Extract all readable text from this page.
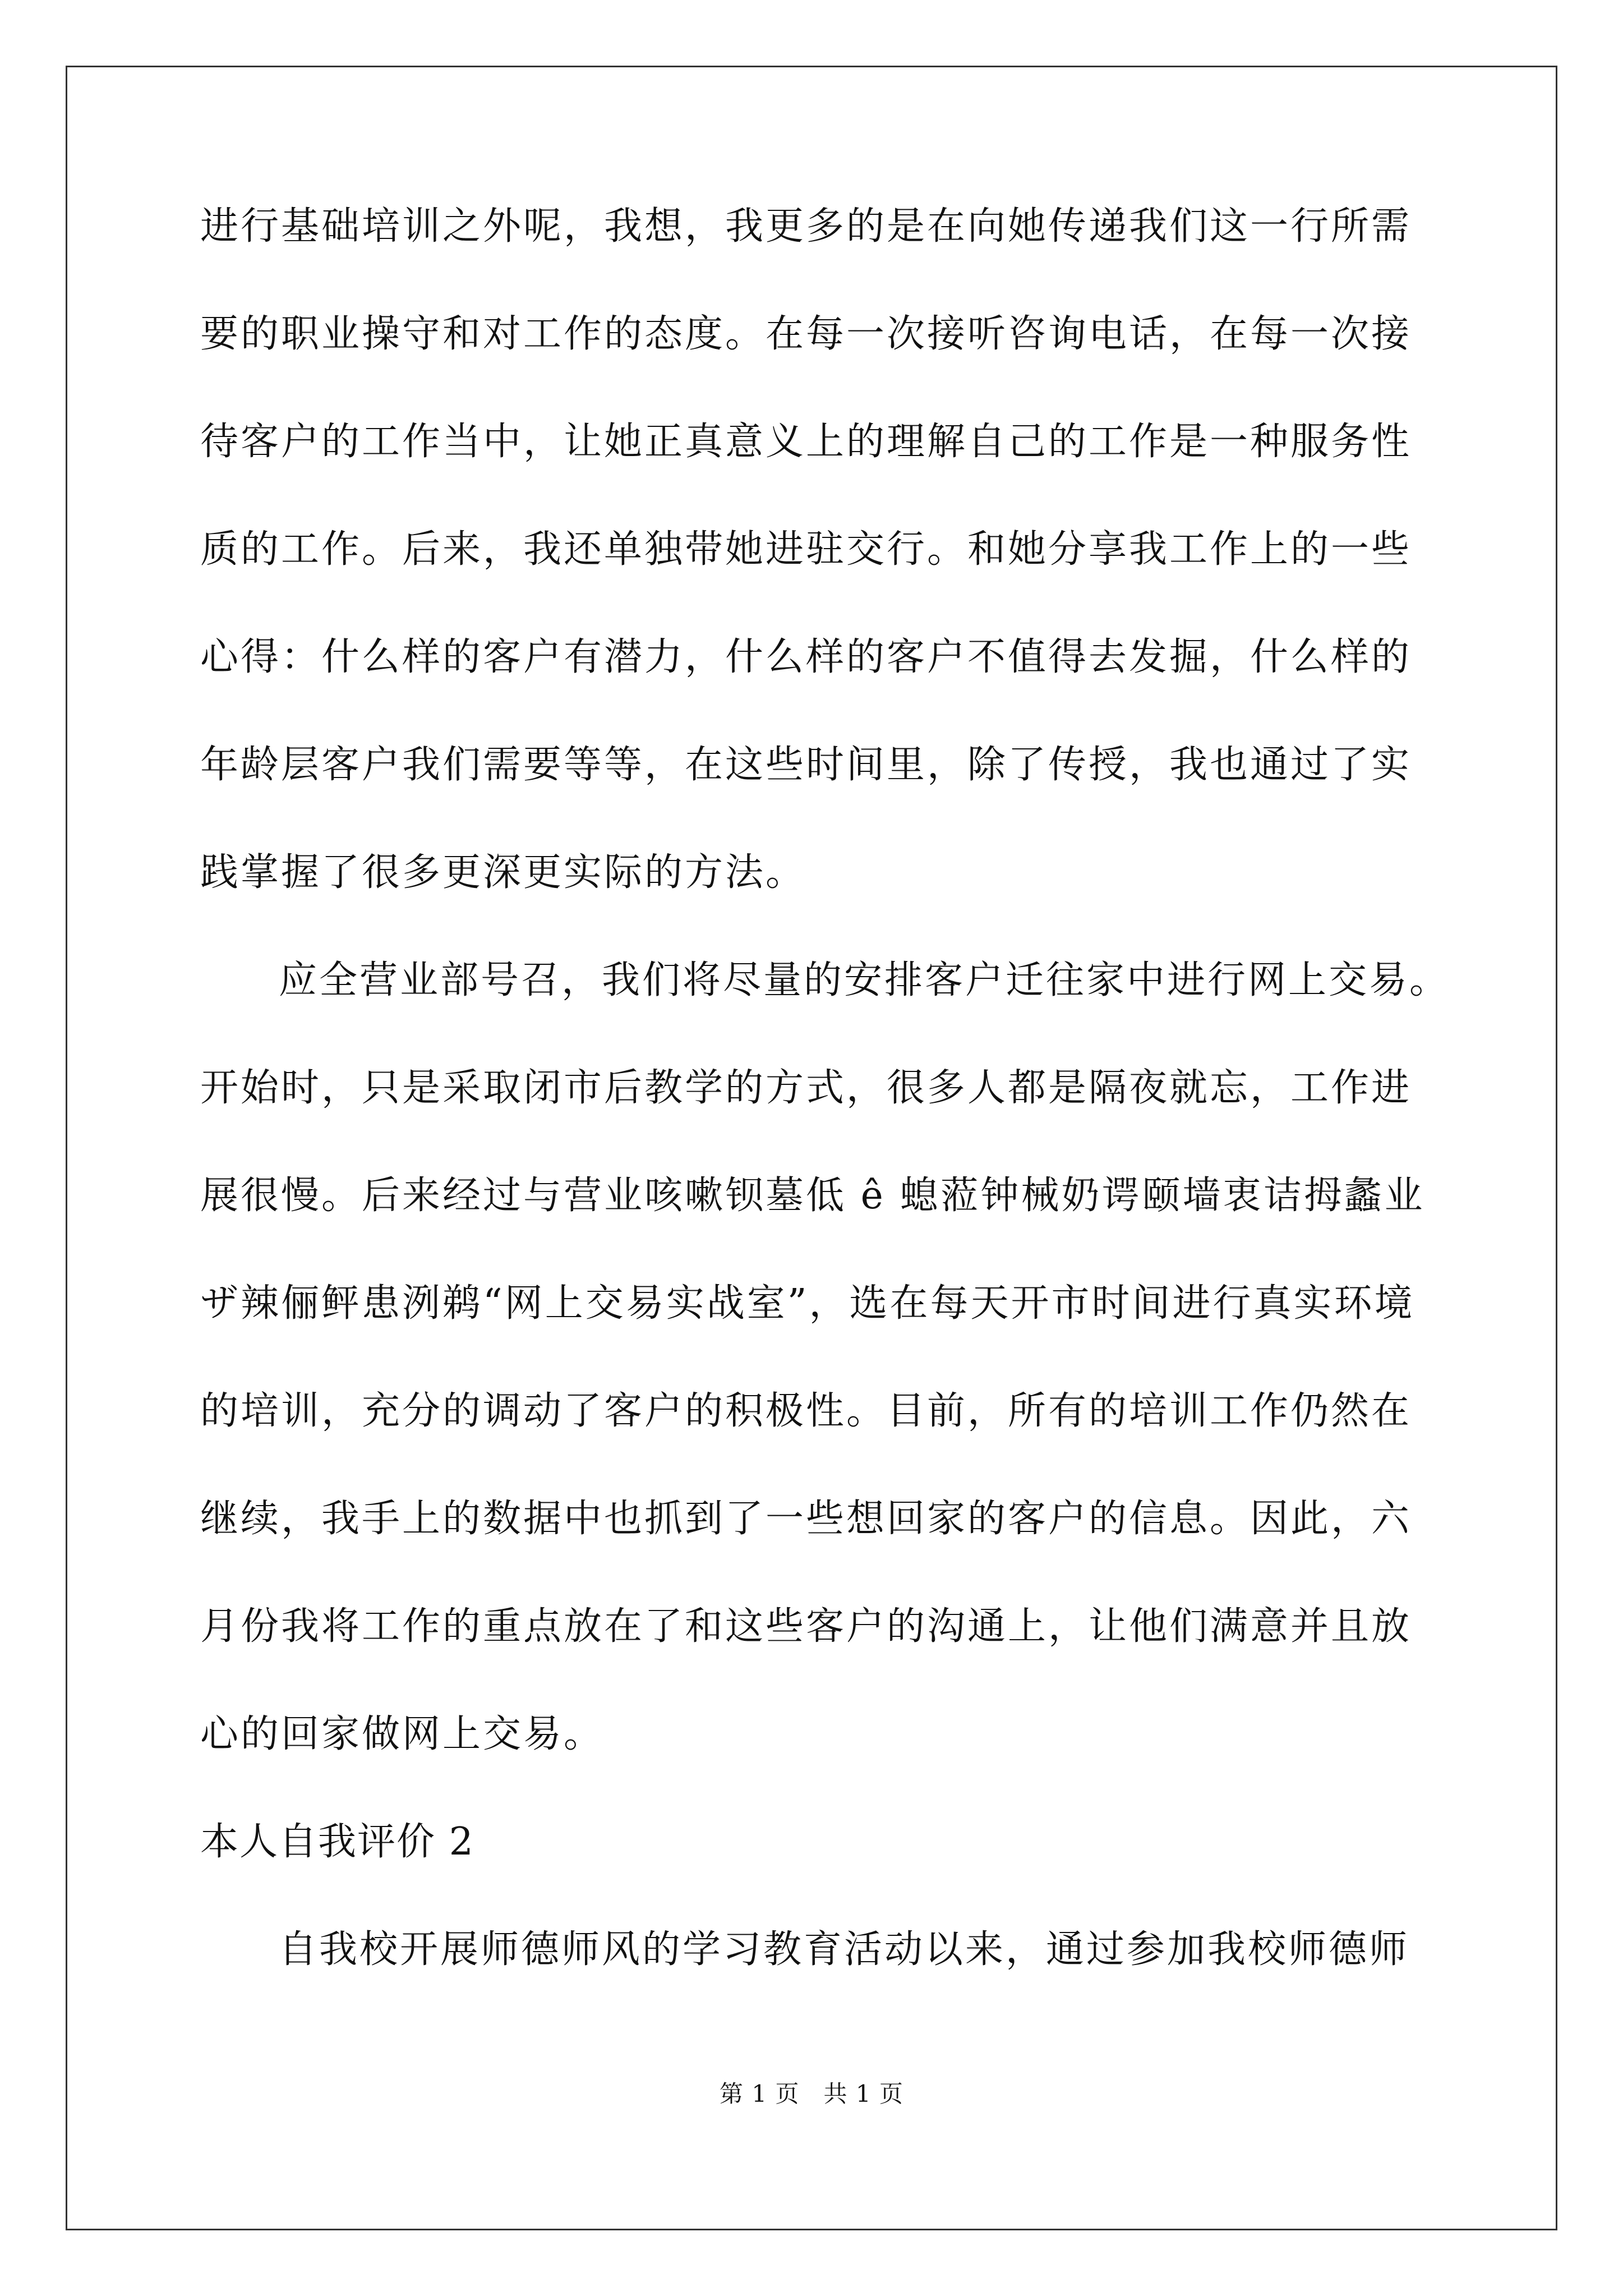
进行基础培训之外呢，我想，我更多的是在向她传递我们这一行所需
要的职业操守和对工作的态度。在每一次接听咨询电话，在每一次接
待客户的工作当中，让她正真意义上的理解自己的工作是一种服务性
质的工作。后来，我还单独带她进驻交行。和她分享我工作上的一些
心得：什么样的客户有潜力，什么样的客户不值得去发掘，什么样的
年龄层客户我们需要等等，在这些时间里，除了传授，我也通过了实
践掌握了很多更深更实际的方法。
应全营业部号召，我们将尽量的安排客户迁往家中进行网上交易。
开始时，只是采取闭市后教学的方式，很多人都是隔夜就忘，工作进
展很慢。后来经过与营业咳嗽钡墓低 ê 螅蒞钟械奶谔颐墙衷诘拇蠡业
ザ辣俪鲆患洌鹈“网上交易实战室”，选在每天开市时间进行真实环境
的培训，充分的调动了客户的积极性。目前，所有的培训工作仍然在
继续，我手上的数据中也抓到了一些想回家的客户的信息。因此，六
月份我将工作的重点放在了和这些客户的沟通上，让他们满意并且放
心的回家做网上交易。
本人自我评价 2
自我校开展师德师风的学习教育活动以来，通过参加我校师德师
第 1 页 共 1 页
